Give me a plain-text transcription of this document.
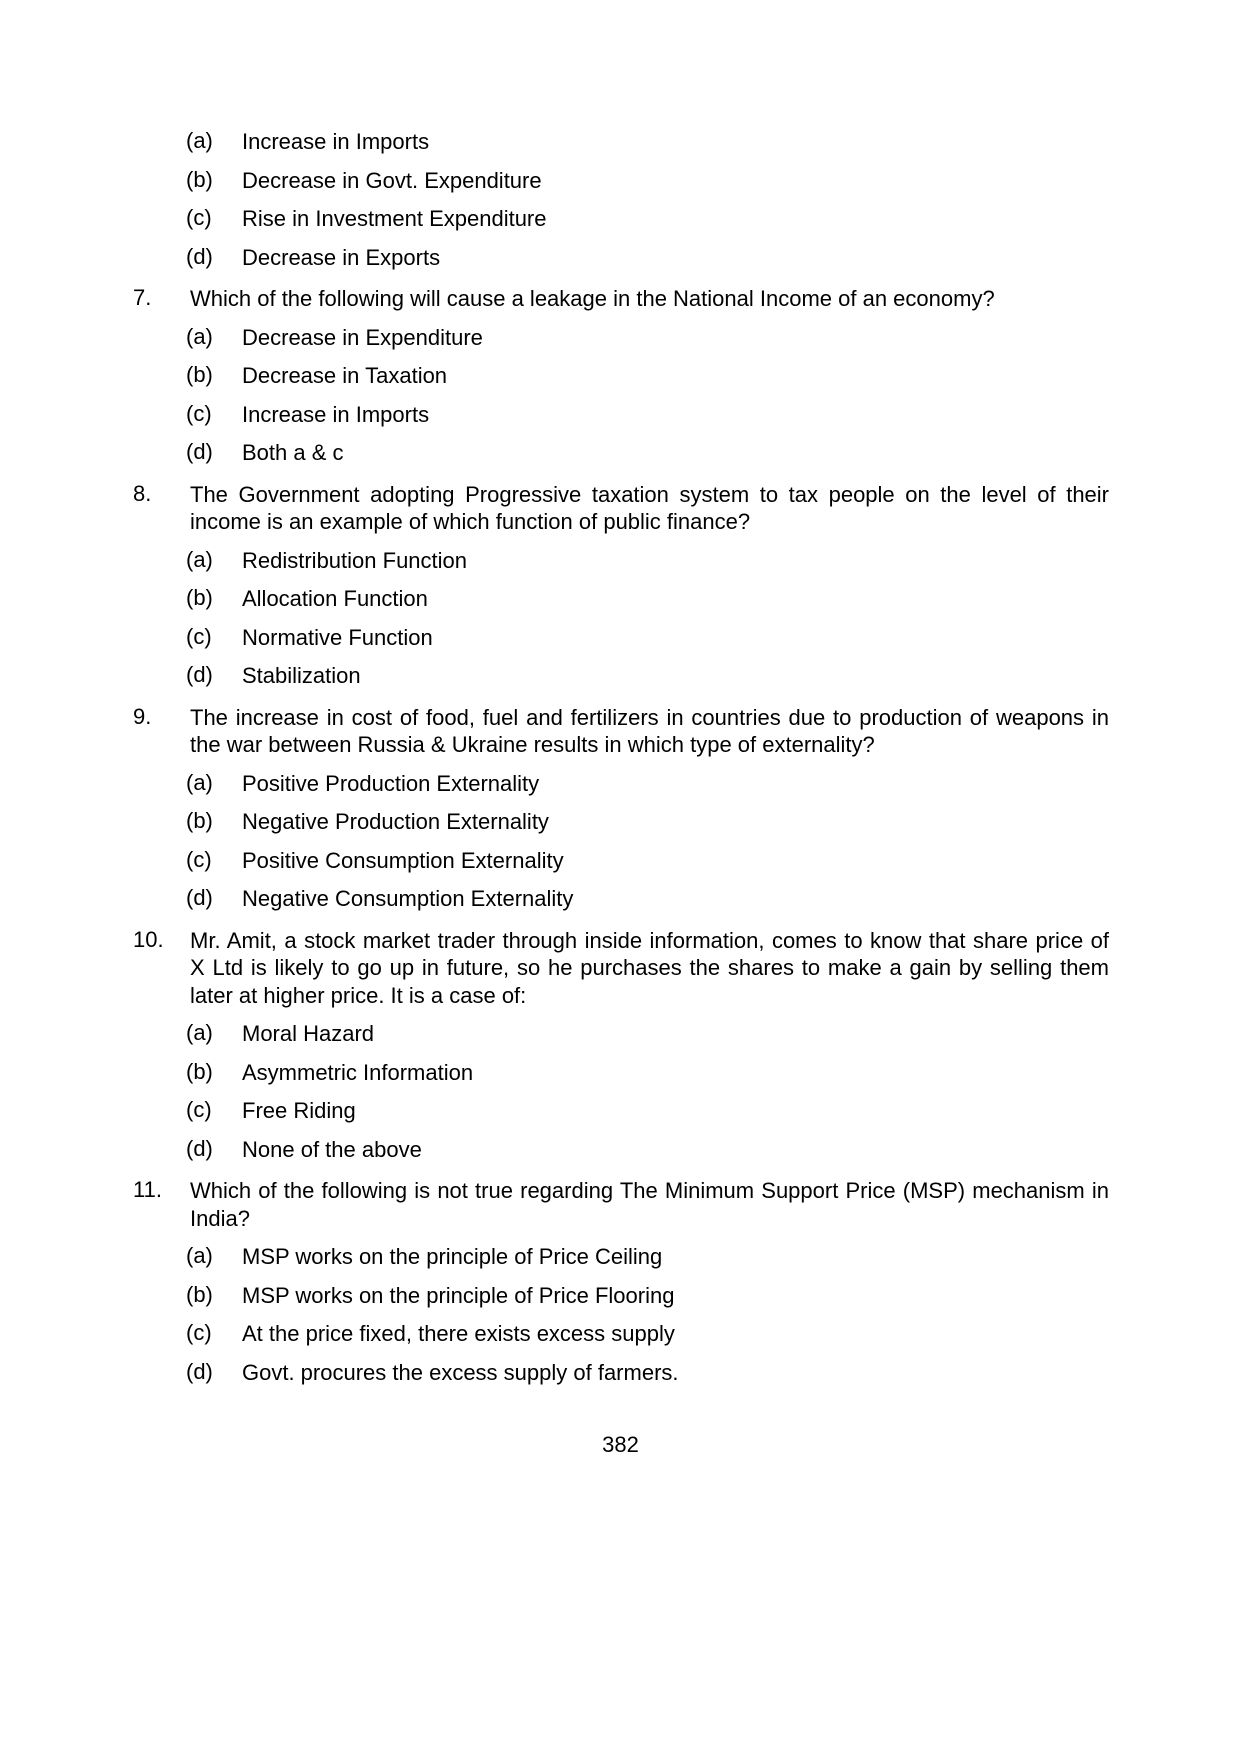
(a)	Increase in Imports
(b)	Decrease in Govt. Expenditure
(c)	Rise in Investment Expenditure
(d)	Decrease in Exports
7.	Which of the following will cause a leakage in the National Income of an economy?
(a)	Decrease in Expenditure
(b)	Decrease in Taxation
(c)	Increase in Imports
(d)	Both a & c
8.	The Government adopting Progressive taxation system to tax people on the level of their income is an example of which function of public finance?
(a)	Redistribution Function
(b)	Allocation Function
(c)	Normative Function
(d)	Stabilization
9.	The increase in cost of food, fuel and fertilizers in countries due to production of weapons in the war between Russia & Ukraine results in which type of externality?
(a)	Positive Production Externality
(b)	Negative Production Externality
(c)	Positive Consumption Externality
(d)	Negative Consumption Externality
10.	Mr. Amit, a stock market trader through inside information, comes to know that share price of X Ltd is likely to go up in future, so he purchases the shares to make a gain by selling them later at higher price. It is a case of:
(a)	Moral Hazard
(b)	Asymmetric Information
(c)	Free Riding
(d)	None of the above
11.	Which of the following is not true regarding The Minimum Support Price (MSP) mechanism in India?
(a)	MSP works on the principle of Price Ceiling
(b)	MSP works on the principle of Price Flooring
(c)	At the price fixed, there exists excess supply
(d)	Govt. procures the excess supply of farmers.
382
